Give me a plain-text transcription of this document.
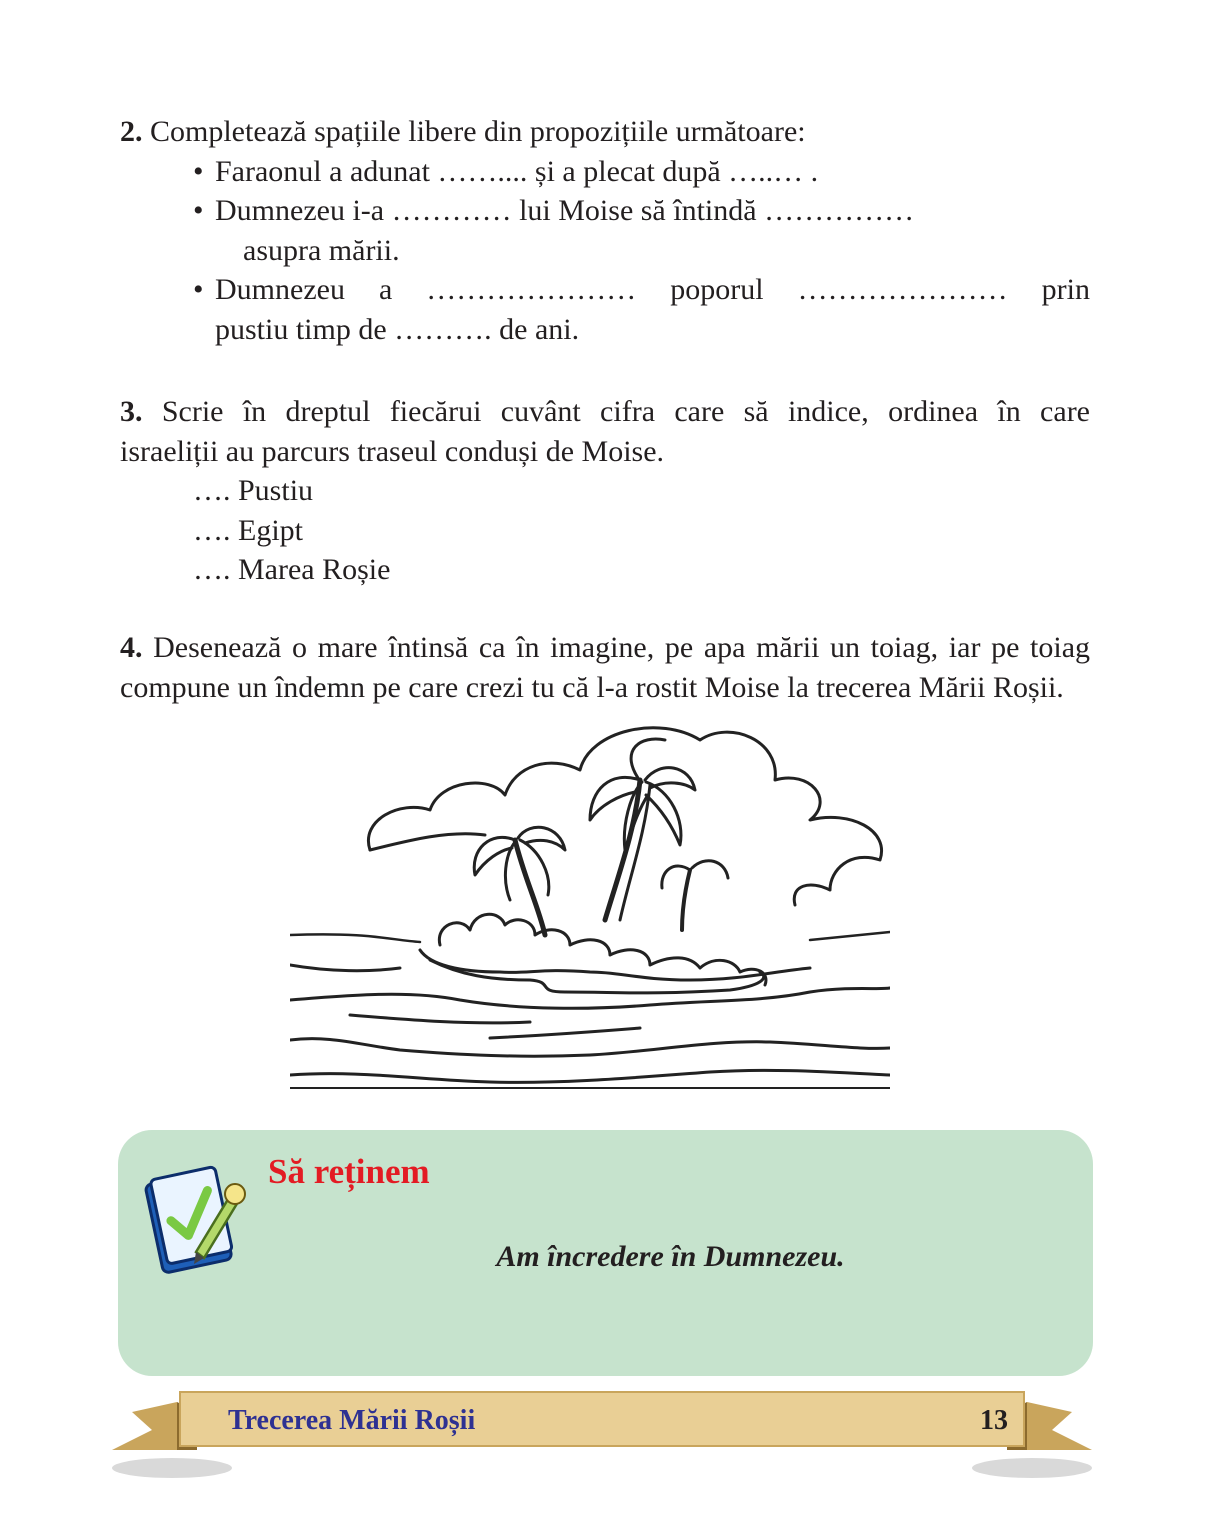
2. Completează spațiile libere din propozițiile următoare:

• Faraonul a adunat …….... și a plecat după …..… .
• Dumnezeu i-a ………… lui Moise să întindă ……………
asupra mării.
• Dumnezeu a ………………… poporul ………………… prin
pustiu timp de ………. de ani.

3. Scrie în dreptul fiecărui cuvânt cifra care să indice, ordinea în care

israeliții au parcurs traseul conduși de Moise.

…. Pustiu

…. Egipt

…. Marea Roșie

4. Desenează o mare întinsă ca în imagine, pe apa mării un toiag, iar pe toiag

compune un îndemn pe care crezi tu că l-a rostit Moise la trecerea Mării Roșii.

Să reținem
Am încredere în Dumnezeu.
Trecerea Mării Roșii	13
